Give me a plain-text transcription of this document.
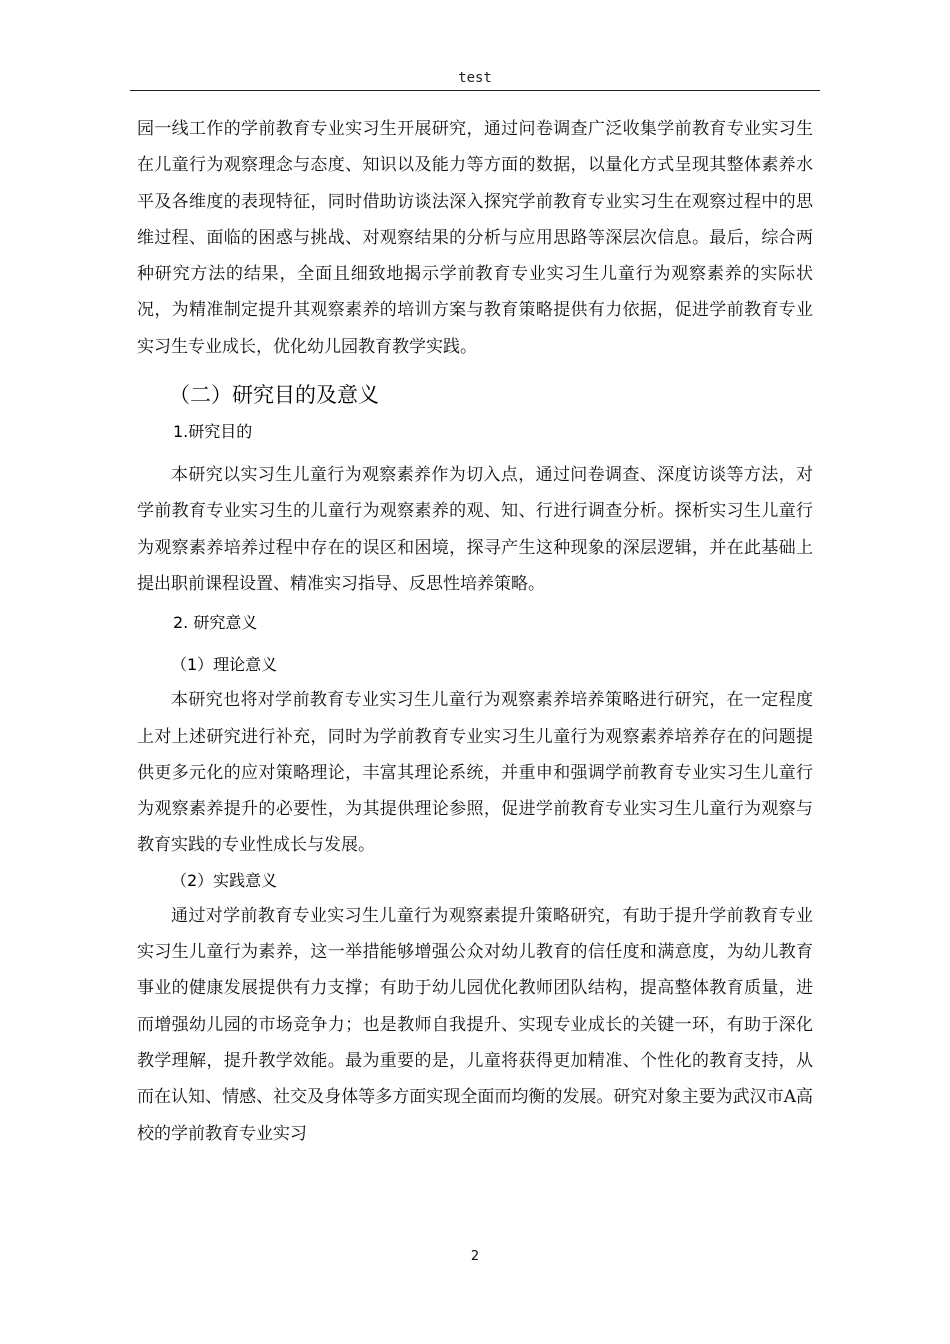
test

园一线工作的学前教育专业实习生开展研究，通过问卷调查广泛收集学前教育专业实习生在儿童行为观察理念与态度、知识以及能力等方面的数据，以量化方式呈现其整体素养水平及各维度的表现特征，同时借助访谈法深入探究学前教育专业实习生在观察过程中的思维过程、面临的困惑与挑战、对观察结果的分析与应用思路等深层次信息。最后，综合两种研究方法的结果，全面且细致地揭示学前教育专业实习生儿童行为观察素养的实际状况，为精准制定提升其观察素养的培训方案与教育策略提供有力依据，促进学前教育专业实习生专业成长，优化幼儿园教育教学实践。

（二）研究目的及意义
1.研究目的

本研究以实习生儿童行为观察素养作为切入点，通过问卷调查、深度访谈等方法，对学前教育专业实习生的儿童行为观察素养的观、知、行进行调查分析。探析实习生儿童行为观察素养培养过程中存在的误区和困境，探寻产生这种现象的深层逻辑，并在此基础上提出职前课程设置、精准实习指导、反思性培养策略。

2. 研究意义
（1）理论意义

本研究也将对学前教育专业实习生儿童行为观察素养培养策略进行研究，在一定程度上对上述研究进行补充，同时为学前教育专业实习生儿童行为观察素养培养存在的问题提供更多元化的应对策略理论，丰富其理论系统，并重申和强调学前教育专业实习生儿童行为观察素养提升的必要性，为其提供理论参照，促进学前教育专业实习生儿童行为观察与教育实践的专业性成长与发展。

（2）实践意义

通过对学前教育专业实习生儿童行为观察素提升策略研究，有助于提升学前教育专业实习生儿童行为素养，这一举措能够增强公众对幼儿教育的信任度和满意度，为幼儿教育事业的健康发展提供有力支撑；有助于幼儿园优化教师团队结构，提高整体教育质量，进而增强幼儿园的市场竞争力；也是教师自我提升、实现专业成长的关键一环，有助于深化教学理解，提升教学效能。最为重要的是，儿童将获得更加精准、个性化的教育支持，从而在认知、情感、社交及身体等多方面实现全面而均衡的发展。研究对象主要为武汉市A高校的学前教育专业实习

2
